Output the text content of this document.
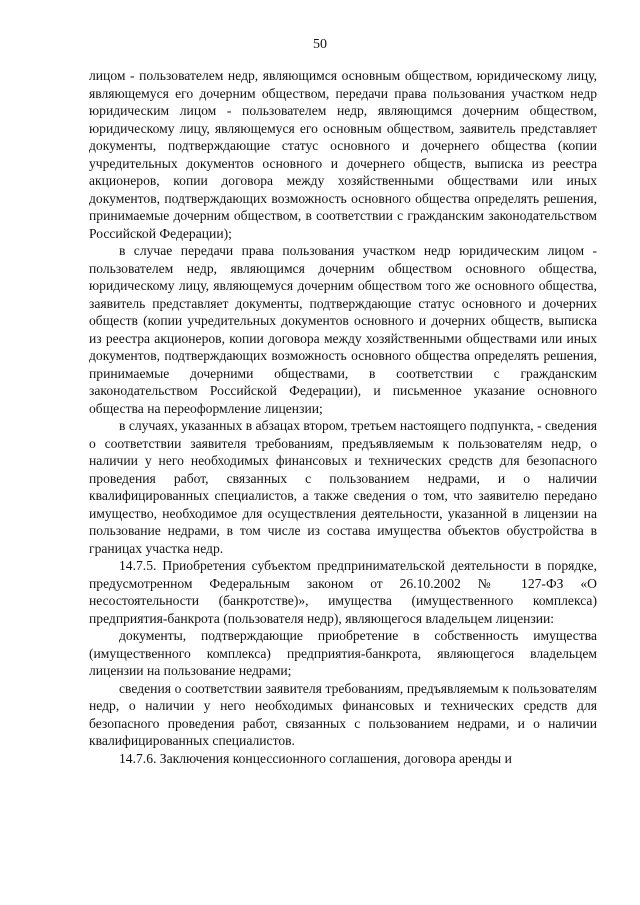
50

лицом - пользователем недр, являющимся основным обществом, юридическому лицу, являющемуся его дочерним обществом, передачи права пользования участком недр юридическим лицом - пользователем недр, являющимся дочерним обществом, юридическому лицу, являющемуся его основным обществом, заявитель представляет документы, подтверждающие статус основного и дочернего общества (копии учредительных документов основного и дочернего обществ, выписка из реестра акционеров, копии договора между хозяйственными обществами или иных документов, подтверждающих возможность основного общества определять решения, принимаемые дочерним обществом, в соответствии с гражданским законодательством Российской Федерации);

в случае передачи права пользования участком недр юридическим лицом - пользователем недр, являющимся дочерним обществом основного общества, юридическому лицу, являющемуся дочерним обществом того же основного общества, заявитель представляет документы, подтверждающие статус основного и дочерних обществ (копии учредительных документов основного и дочерних обществ, выписка из реестра акционеров, копии договора между хозяйственными обществами или иных документов, подтверждающих возможность основного общества определять решения, принимаемые дочерними обществами, в соответствии с гражданским законодательством Российской Федерации), и письменное указание основного общества на переоформление лицензии;

в случаях, указанных в абзацах втором, третьем настоящего подпункта, - сведения о соответствии заявителя требованиям, предъявляемым к пользователям недр, о наличии у него необходимых финансовых и технических средств для безопасного проведения работ, связанных с пользованием недрами, и о наличии квалифицированных специалистов, а также сведения о том, что заявителю передано имущество, необходимое для осуществления деятельности, указанной в лицензии на пользование недрами, в том числе из состава имущества объектов обустройства в границах участка недр.

14.7.5. Приобретения субъектом предпринимательской деятельности в порядке, предусмотренном Федеральным законом от 26.10.2002 № 127-ФЗ «О несостоятельности (банкротстве)», имущества (имущественного комплекса) предприятия-банкрота (пользователя недр), являющегося владельцем лицензии:

документы, подтверждающие приобретение в собственность имущества (имущественного комплекса) предприятия-банкрота, являющегося владельцем лицензии на пользование недрами;

сведения о соответствии заявителя требованиям, предъявляемым к пользователям недр, о наличии у него необходимых финансовых и технических средств для безопасного проведения работ, связанных с пользованием недрами, и о наличии квалифицированных специалистов.

14.7.6. Заключения концессионного соглашения, договора аренды и
